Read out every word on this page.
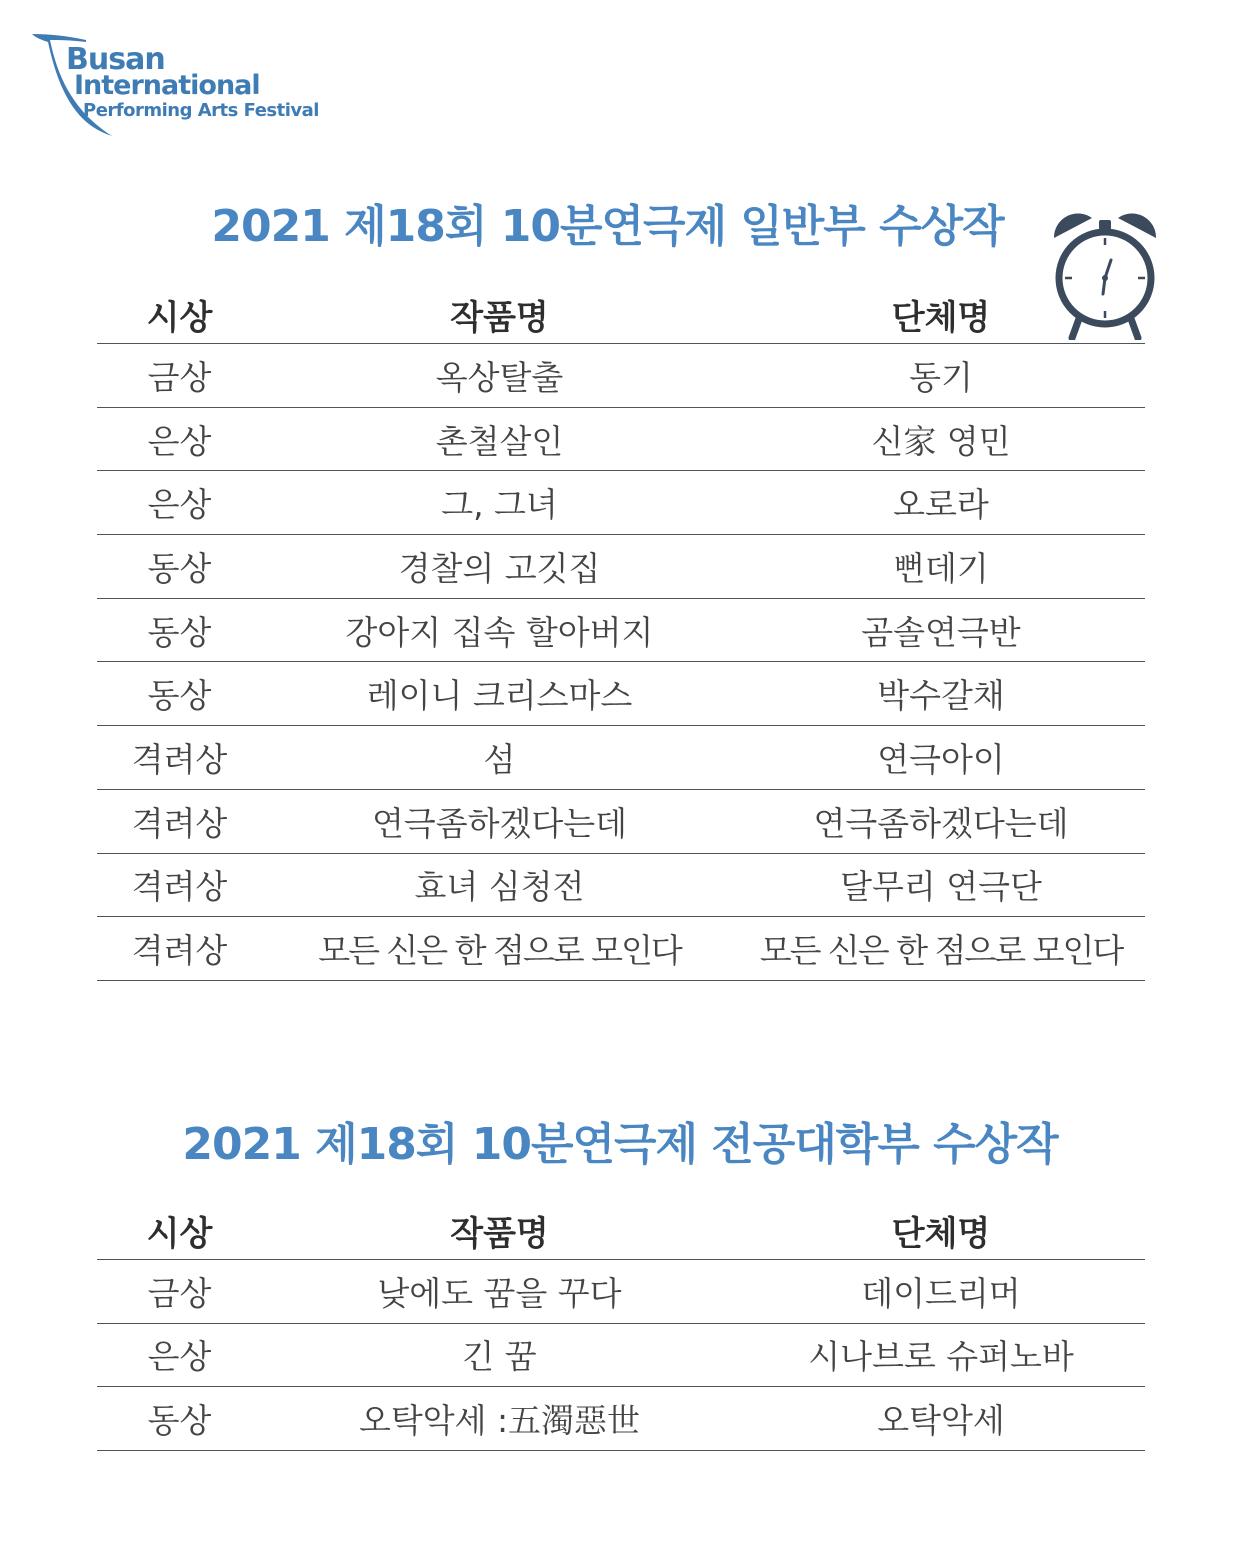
Busan
International
Performing Arts Festival
2021 제18회 10분연극제 일반부 수상작
시상	작품명	단체명
금상	옥상탈출	동기
은상	촌철살인	신家 영민
은상	그, 그녀	오로라
동상	경찰의 고깃집	뻔데기
동상	강아지 집속 할아버지	곰솔연극반
동상	레이니 크리스마스	박수갈채
격려상	섬	연극아이
격려상	연극좀하겠다는데	연극좀하겠다는데
격려상	효녀 심청전	달무리 연극단
격려상	모든 신은 한 점으로 모인다	모든 신은 한 점으로 모인다
2021 제18회 10분연극제 전공대학부 수상작
시상	작품명	단체명
금상	낮에도 꿈을 꾸다	데이드리머
은상	긴 꿈	시나브로 슈퍼노바
동상	오탁악세 :五濁惡世	오탁악세
